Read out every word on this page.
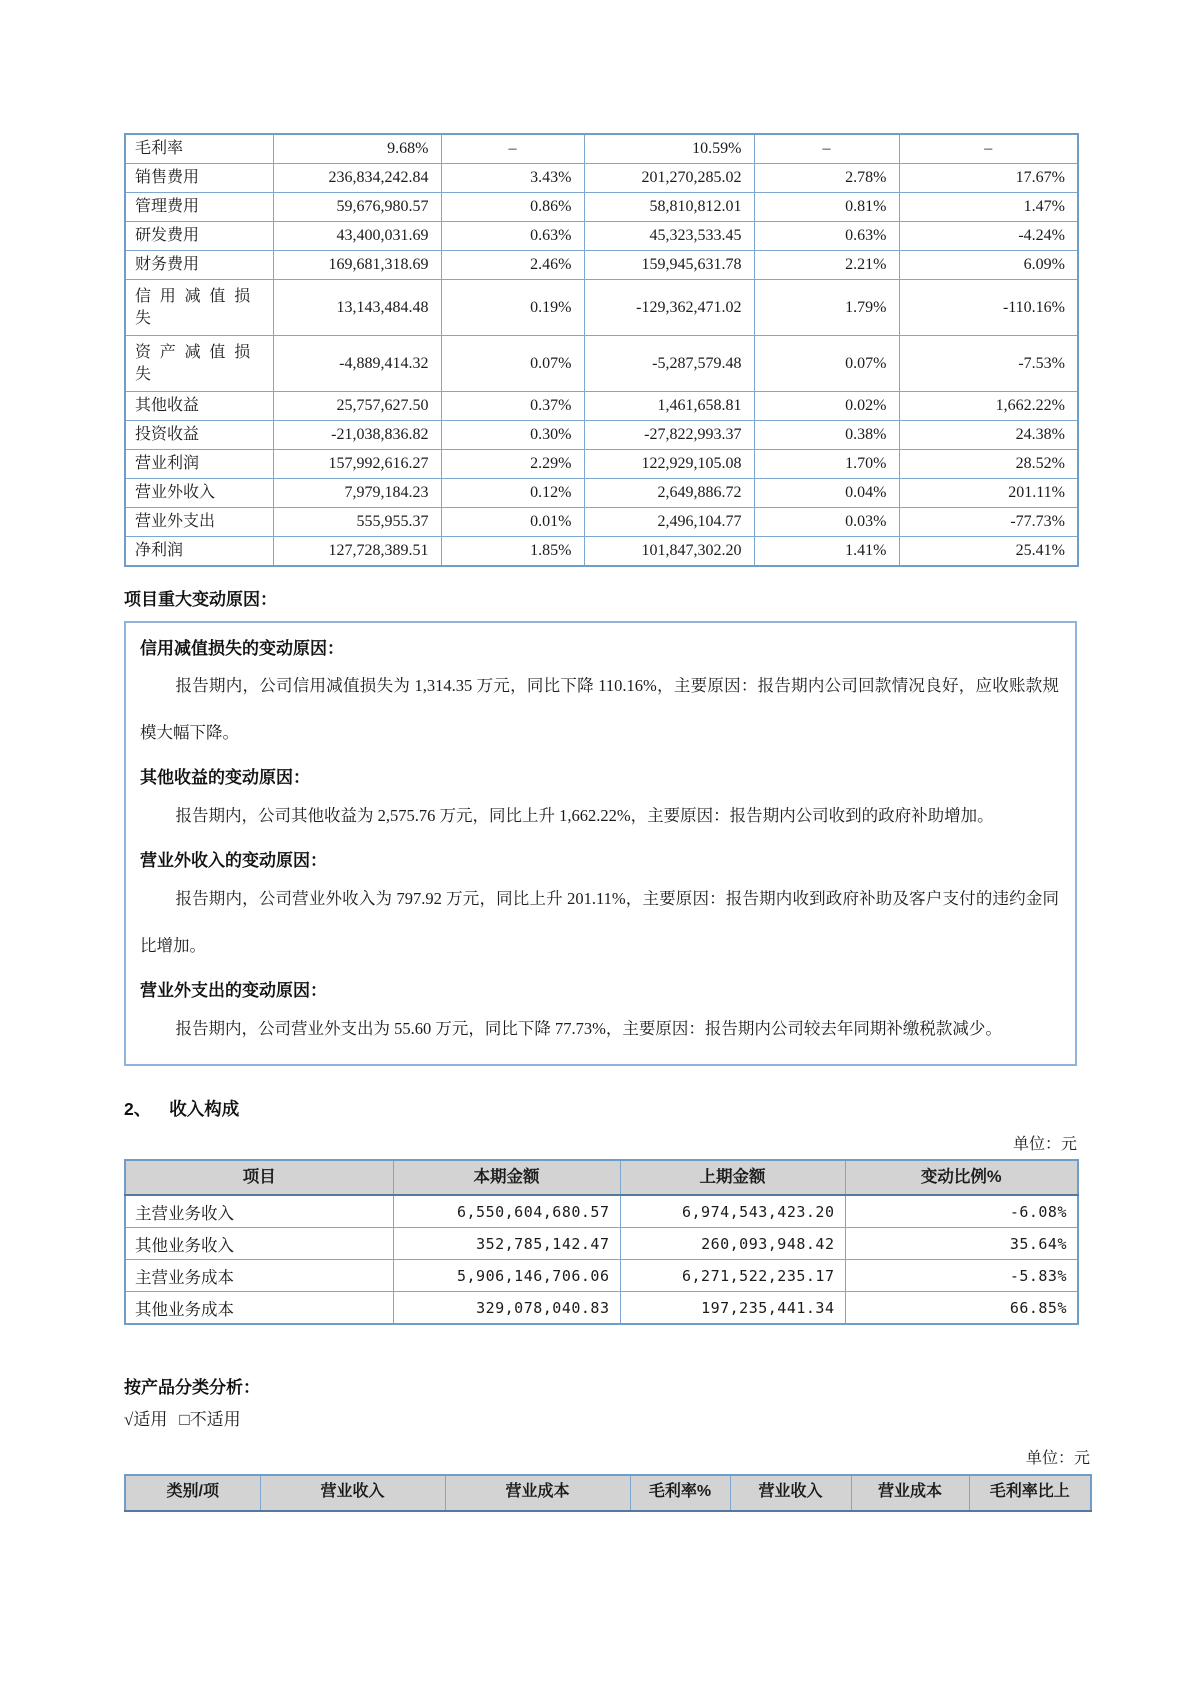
毛利率	9.68%	–	10.59%	–	–
销售费用	236,834,242.84	3.43%	201,270,285.02	2.78%	17.67%
管理费用	59,676,980.57	0.86%	58,810,812.01	0.81%	1.47%
研发费用	43,400,031.69	0.63%	45,323,533.45	0.63%	-4.24%
财务费用	169,681,318.69	2.46%	159,945,631.78	2.21%	6.09%
信用减值损失	13,143,484.48	0.19%	-129,362,471.02	1.79%	-110.16%
资产减值损失	-4,889,414.32	0.07%	-5,287,579.48	0.07%	-7.53%
其他收益	25,757,627.50	0.37%	1,461,658.81	0.02%	1,662.22%
投资收益	-21,038,836.82	0.30%	-27,822,993.37	0.38%	24.38%
营业利润	157,992,616.27	2.29%	122,929,105.08	1.70%	28.52%
营业外收入	7,979,184.23	0.12%	2,649,886.72	0.04%	201.11%
营业外支出	555,955.37	0.01%	2,496,104.77	0.03%	-77.73%
净利润	127,728,389.51	1.85%	101,847,302.20	1.41%	25.41%
项目重大变动原因：
信用减值损失的变动原因：

报告期内，公司信用减值损失为 1,314.35 万元，同比下降 110.16%，主要原因：报告期内公司回款情况良好，应收账款规模大幅下降。

其他收益的变动原因：

报告期内，公司其他收益为 2,575.76 万元，同比上升 1,662.22%，主要原因：报告期内公司收到的政府补助增加。

营业外收入的变动原因：

报告期内，公司营业外收入为 797.92 万元，同比上升 201.11%，主要原因：报告期内收到政府补助及客户支付的违约金同比增加。

营业外支出的变动原因：

报告期内，公司营业外支出为 55.60 万元，同比下降 77.73%，主要原因：报告期内公司较去年同期补缴税款减少。

2、 收入构成
单位：元
项目	本期金额	上期金额	变动比例%
主营业务收入	6,550,604,680.57	6,974,543,423.20	-6.08%
其他业务收入	352,785,142.47	260,093,948.42	35.64%
主营业务成本	5,906,146,706.06	6,271,522,235.17	-5.83%
其他业务成本	329,078,040.83	197,235,441.34	66.85%
按产品分类分析：
√适用 □不适用
单位：元
类别/项	营业收入	营业成本	毛利率%	营业收入	营业成本	毛利率比上
